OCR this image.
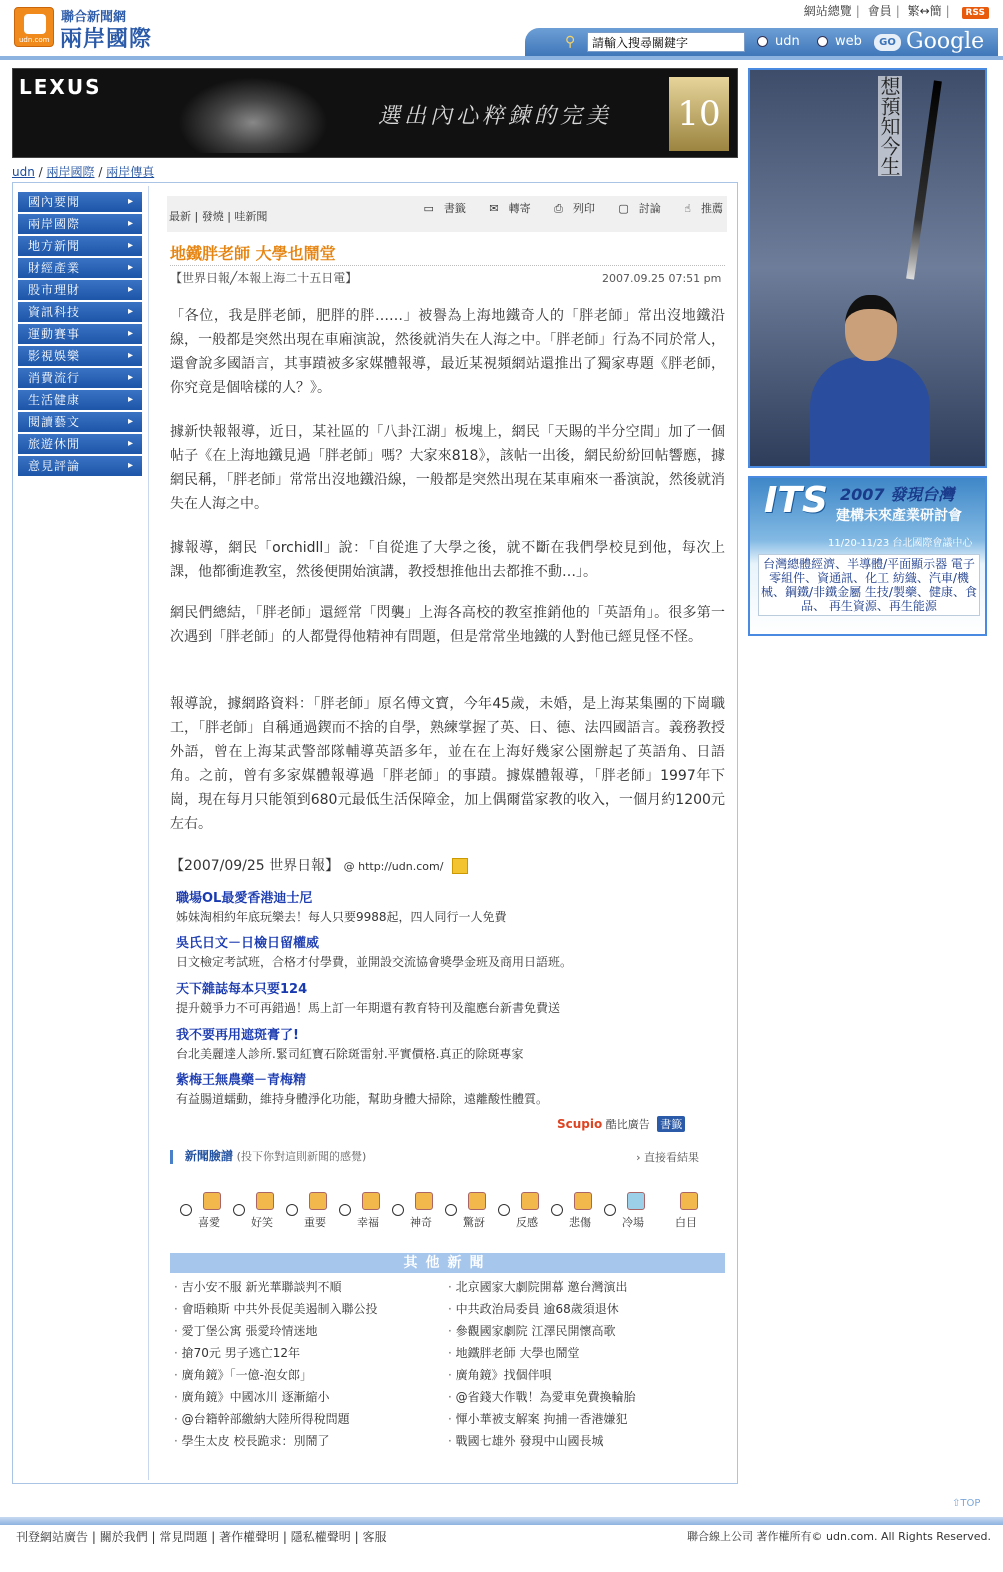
udn.com
聯合新聞網
兩岸國際
網站總覽 | 會員 | 繁↔簡 | RSS
⚲
請輸入搜尋關鍵字	udn	web	GO Google
LEXUS
選出內心粹鍊的完美 10	想預知今生
ITS 2007 發現台灣
建構未來產業研討會
11/20-11/23 台北國際會議中心
台灣總體經濟、半導體/平面顯示器 電子零組件、資通訊、化工 紡織、汽車/機械、鋼鐵/非鐵金屬 生技/製藥、健康、食品、 再生資源、再生能源
udn / 兩岸國際 / 兩岸傳真
國內要聞 ▸
兩岸國際 ▸
地方新聞 ▸
財經產業 ▸
股市理財 ▸
資訊科技 ▸
運動賽事 ▸
影視娛樂 ▸
消費流行 ▸
生活健康 ▸
閱讀藝文 ▸
旅遊休閒 ▸
意見評論 ▸
最新 | 發燒 | 哇新聞
▭ 書籤 ✉ 轉寄 ⎙ 列印 ▢ 討論 ☝ 推薦
地鐵胖老師 大學也鬧堂
【世界日報╱本報上海二十五日電】	2007.09.25 07:51 pm

「各位，我是胖老師，肥胖的胖……」被譽為上海地鐵奇人的「胖老師」常出沒地鐵沿線，一般都是突然出現在車廂演說，然後就消失在人海之中。「胖老師」行為不同於常人，還會說多國語言，其事蹟被多家媒體報導，最近某視頻網站還推出了獨家專題《胖老師，你究竟是個啥樣的人？》。

據新快報報導，近日，某社區的「八卦江湖」板塊上，網民「天賜的半分空間」加了一個帖子《在上海地鐵見過「胖老師」嗎？大家來818》，該帖一出後，網民紛紛回帖響應，據網民稱，「胖老師」常常出沒地鐵沿線，一般都是突然出現在某車廂來一番演說，然後就消失在人海之中。

據報導，網民「orchidll」說：「自從進了大學之後，就不斷在我們學校見到他，每次上課，他都衝進教室，然後便開始演講，教授想推他出去都推不動…」。

網民們總結，「胖老師」還經常「閃襲」上海各高校的教室推銷他的「英語角」。很多第一次遇到「胖老師」的人都覺得他精神有問題，但是常常坐地鐵的人對他已經見怪不怪。

報導說，據網路資料：「胖老師」原名傅文寶，今年45歲，未婚，是上海某集團的下崗職工，「胖老師」自稱通過鍥而不捨的自學，熟練掌握了英、日、德、法四國語言。義務教授外語，曾在上海某武警部隊輔導英語多年，並在在上海好幾家公園辦起了英語角、日語角。之前，曾有多家媒體報導過「胖老師」的事蹟。據媒體報導，「胖老師」1997年下崗，現在每月只能領到680元最低生活保障金，加上偶爾當家教的收入，一個月約1200元左右。

【2007/09/25 世界日報】 @ http://udn.com/
職場OL最愛香港迪士尼
姊妹淘相約年底玩樂去！每人只要9988起，四人同行一人免費
吳氏日文－日檢日留權威
日文檢定考試班，合格才付學費，並開設交流協會獎學金班及商用日語班。
天下雜誌每本只要124
提升競爭力不可再錯過！馬上訂一年期還有教育特刊及龍應台新書免費送
我不要再用遮斑膏了!
台北美麗達人診所.緊司紅寶石除斑雷射.平實價格.真正的除斑專家
紫梅王無農藥－青梅精
有益腸道蠕動，維持身體淨化功能，幫助身體大掃除，遠離酸性體質。
Scupio 酷比廣告 書籤
新聞臉譜 (投下你對這則新聞的感覺)	› 直接看結果
喜愛	好笑	重要	幸福	神奇	驚訝	反感	悲傷	冷場	白目
其他新聞
· 吉小安不服 新光華聯談判不順
· 會晤賴斯 中共外長促美遏制入聯公投
· 愛丁堡公寓 張愛玲情迷地
· 搶70元 男子逃亡12年
· 廣角鏡》「一億-泡女郎」
· 廣角鏡》中國冰川 逐漸縮小
· @台籍幹部繳納大陸所得稅問題
· 學生太皮 校長跪求：別鬧了
· 北京國家大劇院開幕 邀台灣演出
· 中共政治局委員 逾68歲須退休
· 參觀國家劇院 江澤民開懷高歌
· 地鐵胖老師 大學也鬧堂
· 廣角鏡》找個伴唄
· @省錢大作戰！為愛車免費換輪胎
· 惲小華被支解案 拘捕一香港嫌犯
· 戰國七雄外 發現中山國長城
⇧TOP
刊登網站廣告 | 關於我們 | 常見問題 | 著作權聲明 | 隱私權聲明 | 客服	聯合線上公司 著作權所有© udn.com. All Rights Reserved.
